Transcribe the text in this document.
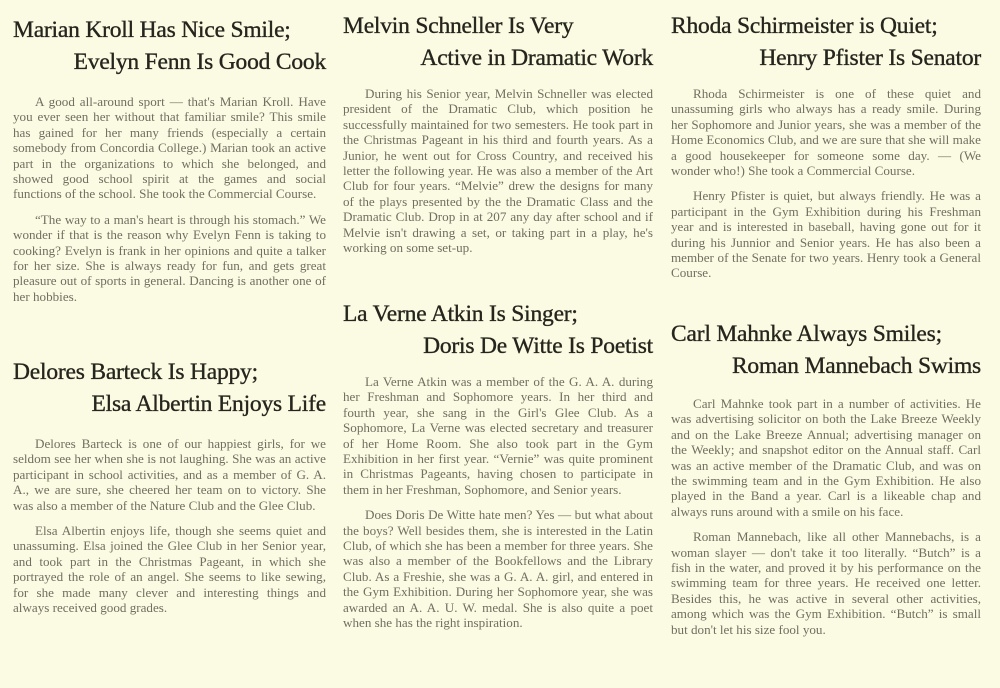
Marian Kroll Has Nice Smile;
Evelyn Fenn Is Good Cook

A good all-around sport — that's Marian Kroll. Have you ever seen her without that familiar smile? This smile has gained for her many friends (especially a certain somebody from Concordia College.) Marian took an active part in the organizations to which she belonged, and showed good school spirit at the games and social functions of the school. She took the Commercial Course.

“The way to a man's heart is through his stomach.” We wonder if that is the reason why Evelyn Fenn is taking to cooking? Evelyn is frank in her opinions and quite a talker for her size. She is always ready for fun, and gets great pleasure out of sports in general. Dancing is another one of her hobbies.

Delores Barteck Is Happy;
Elsa Albertin Enjoys Life

Delores Barteck is one of our happiest girls, for we seldom see her when she is not laughing. She was an active participant in school activities, and as a member of G. A. A., we are sure, she cheered her team on to victory. She was also a member of the Nature Club and the Glee Club.

Elsa Albertin enjoys life, though she seems quiet and unassuming. Elsa joined the Glee Club in her Senior year, and took part in the Christmas Pageant, in which she portrayed the role of an angel. She seems to like sewing, for she made many clever and interesting things and always received good grades.

Melvin Schneller Is Very
Active in Dramatic Work

During his Senior year, Melvin Schneller was elected president of the Dramatic Club, which position he successfully maintained for two semesters. He took part in the Christmas Pageant in his third and fourth years. As a Junior, he went out for Cross Country, and received his letter the following year. He was also a member of the Art Club for four years. “Melvie” drew the designs for many of the plays presented by the the Dramatic Class and the Dramatic Club. Drop in at 207 any day after school and if Melvie isn't drawing a set, or taking part in a play, he's working on some set-up.

La Verne Atkin Is Singer;
Doris De Witte Is Poetist

La Verne Atkin was a member of the G. A. A. during her Freshman and Sophomore years. In her third and fourth year, she sang in the Girl's Glee Club. As a Sophomore, La Verne was elected secretary and treasurer of her Home Room. She also took part in the Gym Exhibition in her first year. “Vernie” was quite prominent in Christmas Pageants, having chosen to participate in them in her Freshman, Sophomore, and Senior years.

Does Doris De Witte hate men? Yes — but what about the boys? Well besides them, she is interested in the Latin Club, of which she has been a member for three years. She was also a member of the Bookfellows and the Library Club. As a Freshie, she was a G. A. A. girl, and entered in the Gym Exhibition. During her Sophomore year, she was awarded an A. A. U. W. medal. She is also quite a poet when she has the right inspiration.

Rhoda Schirmeister is Quiet;
Henry Pfister Is Senator

Rhoda Schirmeister is one of these quiet and unassuming girls who always has a ready smile. During her Sophomore and Junior years, she was a member of the Home Economics Club, and we are sure that she will make a good housekeeper for someone some day. — (We wonder who!) She took a Commercial Course.

Henry Pfister is quiet, but always friendly. He was a participant in the Gym Exhibition during his Freshman year and is interested in baseball, having gone out for it during his Junnior and Senior years. He has also been a member of the Senate for two years. Henry took a General Course.

Carl Mahnke Always Smiles;
Roman Mannebach Swims

Carl Mahnke took part in a number of activities. He was advertising solicitor on both the Lake Breeze Weekly and on the Lake Breeze Annual; advertising manager on the Weekly; and snapshot editor on the Annual staff. Carl was an active member of the Dramatic Club, and was on the swimming team and in the Gym Exhibition. He also played in the Band a year. Carl is a likeable chap and always runs around with a smile on his face.

Roman Mannebach, like all other Mannebachs, is a woman slayer — don't take it too literally. “Butch” is a fish in the water, and proved it by his performance on the swimming team for three years. He received one letter. Besides this, he was active in several other activities, among which was the Gym Exhibition. “Butch” is small but don't let his size fool you.
